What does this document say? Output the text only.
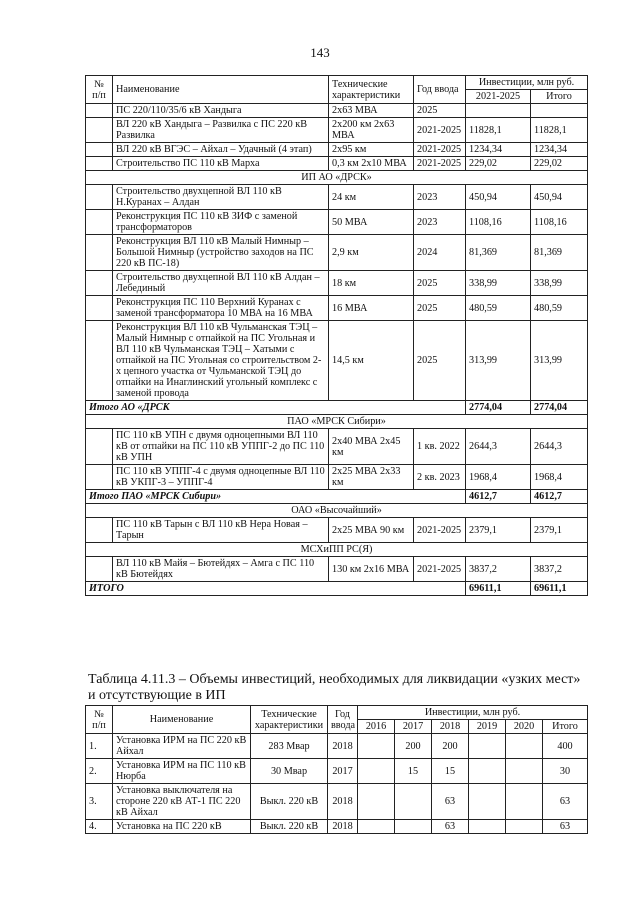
143
№ п/п	Наименование	Технические характеристики	Год ввода	Инвестиции, млн руб.	
				2021-2025	Итого
	ПС 220/110/35/6 кВ Хандыга	2х63 МВА	2025		
	ВЛ 220 кВ Хандыга – Развилка с ПС 220 кВ Развилка	2х200 км 2х63 МВА	2021-2025	11828,1	11828,1
	ВЛ 220 кВ ВГЭС – Айхал – Удачный (4 этап)	2х95 км	2021-2025	1234,34	1234,34
	Строительство ПС 110 кВ Марха	0,3 км 2х10 МВА	2021-2025	229,02	229,02
ИП АО «ДРСК»					
	Строительство двухцепной ВЛ 110 кВ Н.Куранах – Алдан	24 км	2023	450,94	450,94
	Реконструкция ПС 110 кВ ЗИФ с заменой трансформаторов	50 МВА	2023	1108,16	1108,16
	Реконструкция ВЛ 110 кВ Малый Нимныр – Большой Нимныр (устройство заходов на ПС 220 кВ ПС-18)	2,9 км	2024	81,369	81,369
	Строительство двухцепной ВЛ 110 кВ Алдан – Лебединый	18 км	2025	338,99	338,99
	Реконструкция ПС 110 Верхний Куранах с заменой трансформатора 10 МВА на 16 МВА	16 МВА	2025	480,59	480,59
	Реконструкция ВЛ 110 кВ Чульманская ТЭЦ – Малый Нимныр с отпайкой на ПС Угольная и ВЛ 110 кВ Чульманская ТЭЦ – Хатыми с отпайкой на ПС Угольная со строительством 2-х цепного участка от Чульманской ТЭЦ до отпайки на Инаглинский угольный комплекс с заменой провода	14,5 км	2025	313,99	313,99
Итого АО «ДРСК				2774,04	2774,04
ПАО «МРСК Сибири»					
	ПС 110 кВ УПН с двумя одноцепными ВЛ 110 кВ от отпайки на ПС 110 кВ УППГ-2 до ПС 110 кВ УПН	2х40 МВА 2х45 км	1 кв. 2022	2644,3	2644,3
	ПС 110 кВ УППГ-4 с двумя одноцепные ВЛ 110 кВ УКПГ-3 – УППГ-4	2х25 МВА 2х33 км	2 кв. 2023	1968,4	1968,4
Итого ПАО «МРСК Сибири»				4612,7	4612,7
ОАО «Высочайший»					
	ПС 110 кВ Тарын с ВЛ 110 кВ Нера Новая – Тарын	2х25 МВА 90 км	2021-2025	2379,1	2379,1
МСХиПП РС(Я)					
	ВЛ 110 кВ Майя – Бютейдях – Амга с ПС 110 кВ Бютейдях	130 км 2х16 МВА	2021-2025	3837,2	3837,2
ИТОГО				69611,1	69611,1
Таблица 4.11.3 – Объемы инвестиций, необходимых для ликвидации «узких мест» и отсутствующие в ИП
№ п/п	Наименование	Технические характеристики	Год ввода	Инвестиции, млн руб.					
				2016	2017	2018	2019	2020	Итого
1.	Установка ИРМ на ПС 220 кВ Айхал	283 Мвар	2018		200	200			400
2.	Установка ИРМ на ПС 110 кВ Нюрба	30 Мвар	2017		15	15			30
3.	Установка выключателя на стороне 220 кВ АТ-1 ПС 220 кВ Айхал	Выкл. 220 кВ	2018			63			63
4.	Установка на ПС 220 кВ	Выкл. 220 кВ	2018			63			63
